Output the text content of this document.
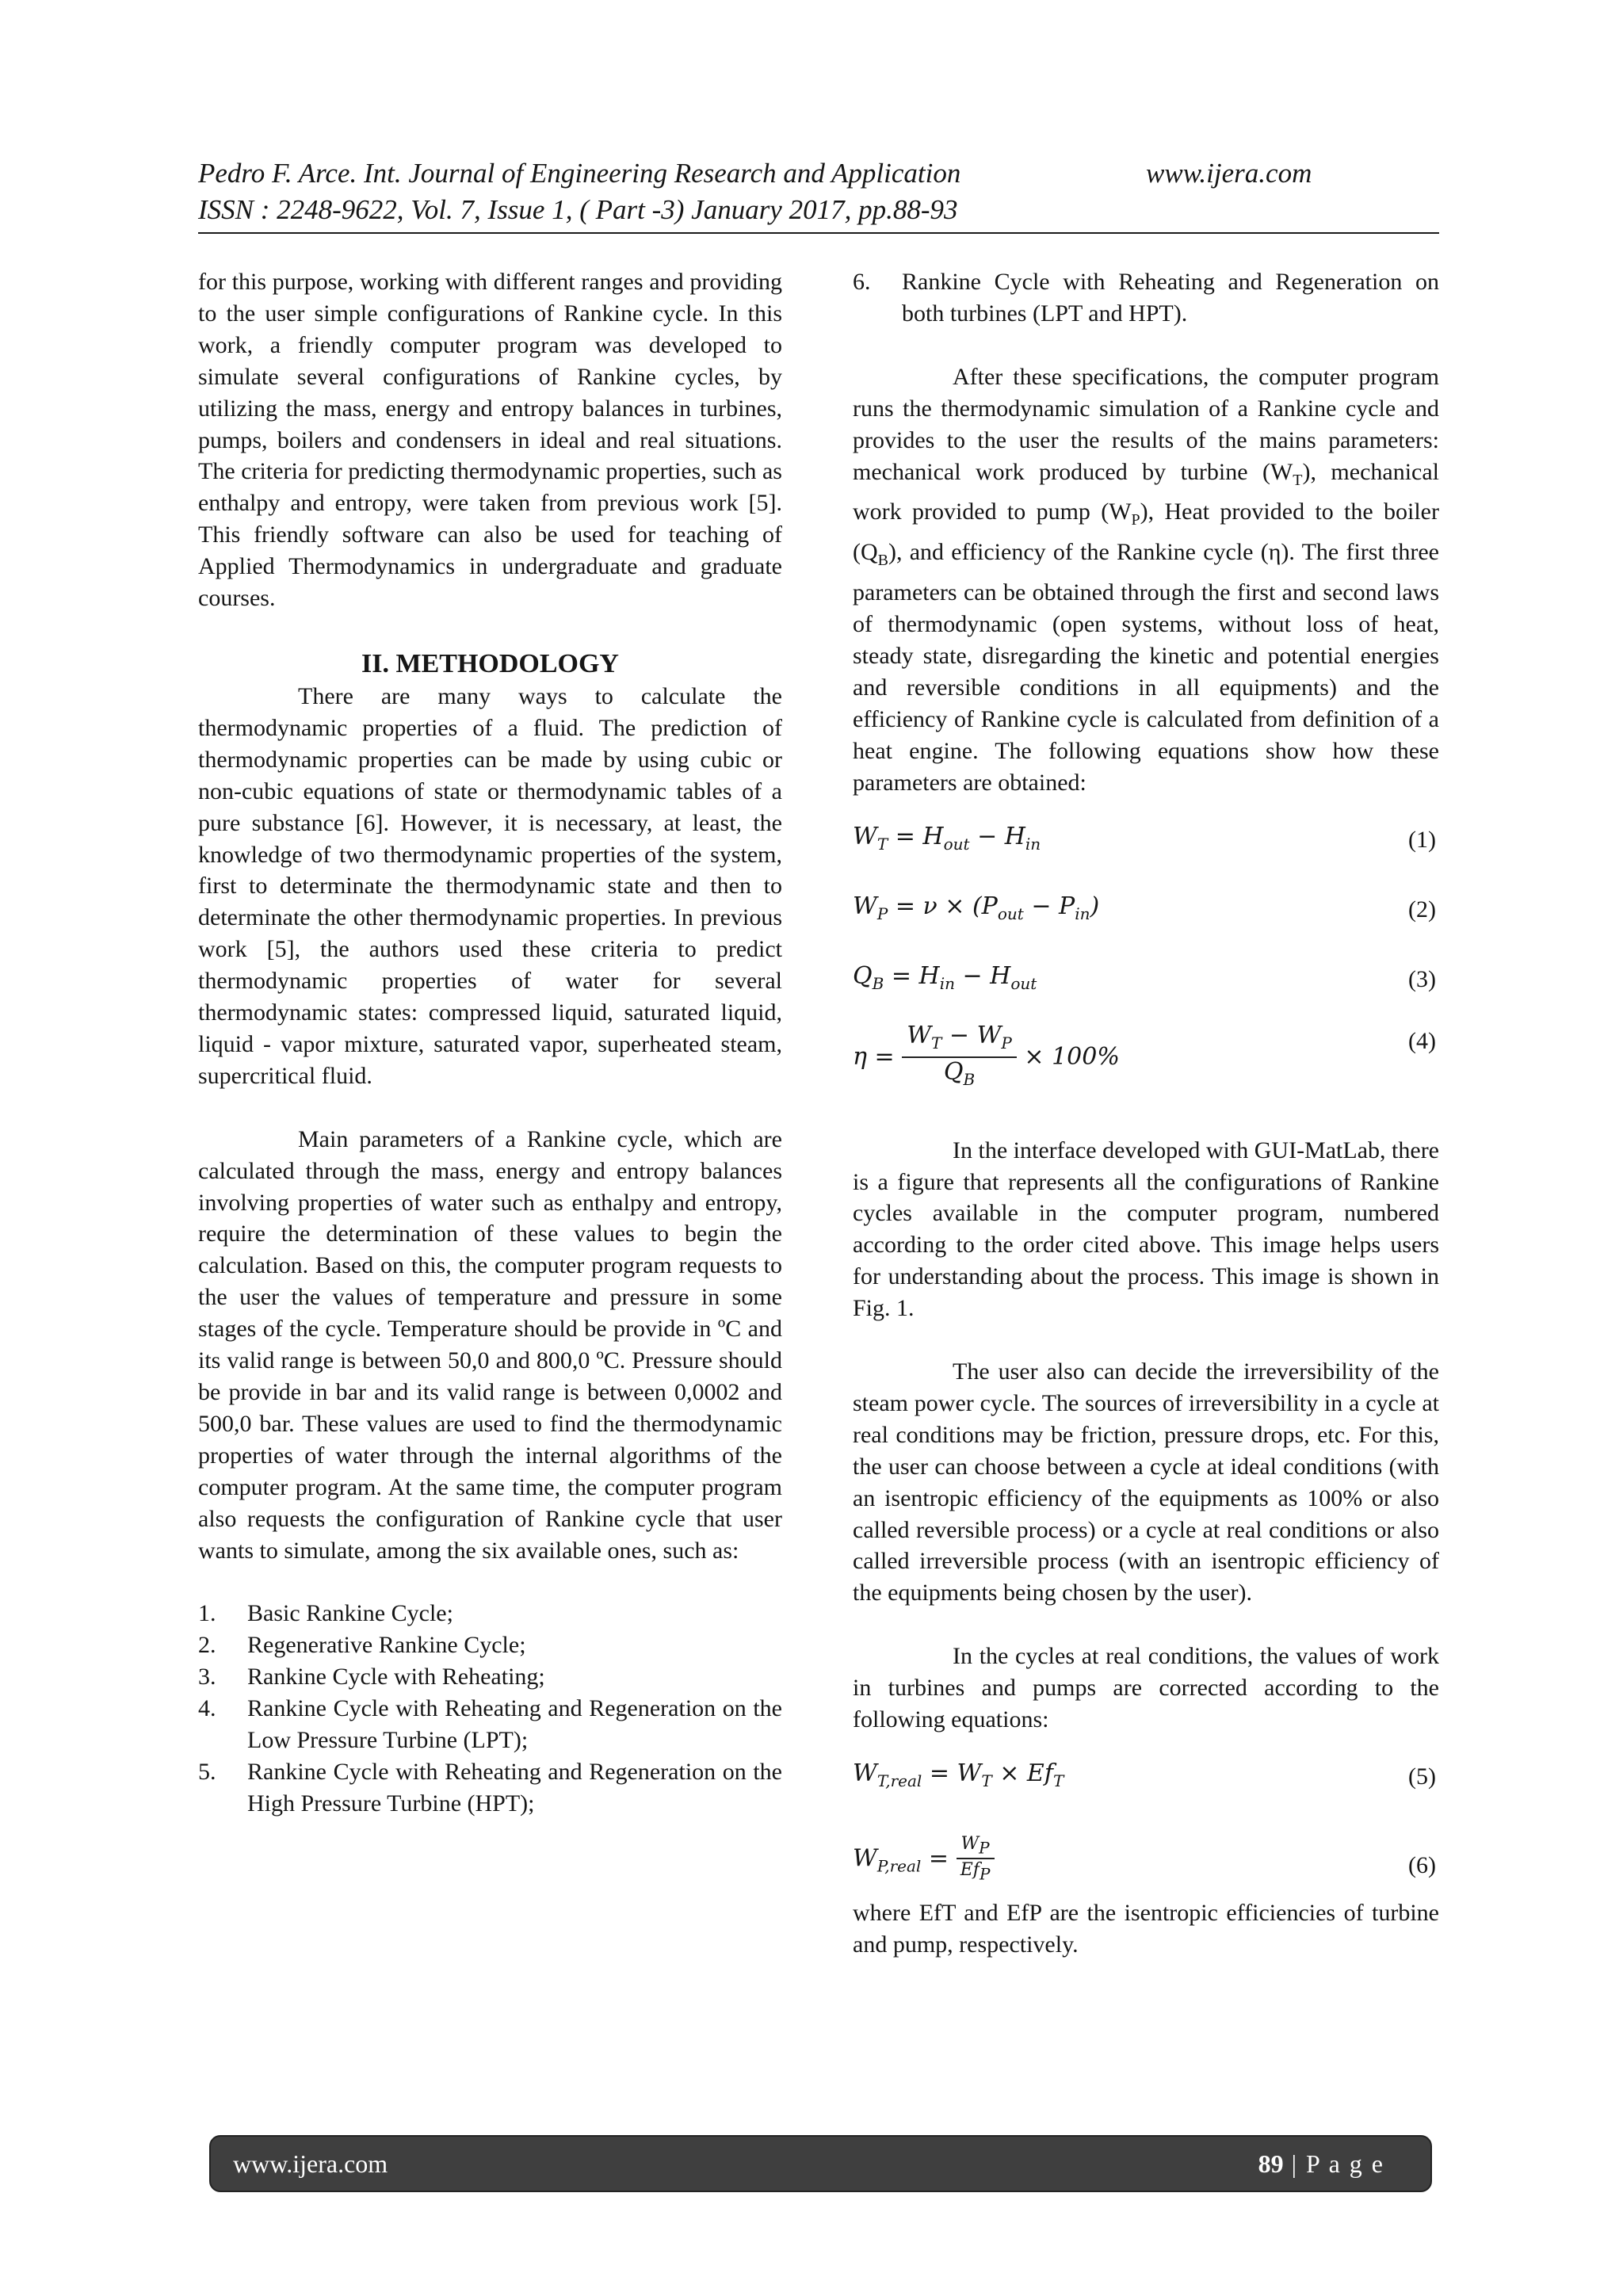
Pedro F. Arce. Int. Journal of Engineering Research and Application	www.ijera.com
ISSN : 2248-9622, Vol. 7, Issue 1, ( Part -3) January 2017, pp.88-93

for this purpose, working with different ranges and providing to the user simple configurations of Rankine cycle. In this work, a friendly computer program was developed to simulate several configurations of Rankine cycles, by utilizing the mass, energy and entropy balances in turbines, pumps, boilers and condensers in ideal and real situations. The criteria for predicting thermodynamic properties, such as enthalpy and entropy, were taken from previous work [5]. This friendly software can also be used for teaching of Applied Thermodynamics in undergraduate and graduate courses.

II. METHODOLOGY

There are many ways to calculate the thermodynamic properties of a fluid. The prediction of thermodynamic properties can be made by using cubic or non-cubic equations of state or thermodynamic tables of a pure substance [6]. However, it is necessary, at least, the knowledge of two thermodynamic properties of the system, first to determinate the thermodynamic state and then to determinate the other thermodynamic properties. In previous work [5], the authors used these criteria to predict thermodynamic properties of water for several thermodynamic states: compressed liquid, saturated liquid, liquid - vapor mixture, saturated vapor, superheated steam, supercritical fluid.

Main parameters of a Rankine cycle, which are calculated through the mass, energy and entropy balances involving properties of water such as enthalpy and entropy, require the determination of these values to begin the calculation. Based on this, the computer program requests to the user the values of temperature and pressure in some stages of the cycle. Temperature should be provide in ºC and its valid range is between 50,0 and 800,0 ºC. Pressure should be provide in bar and its valid range is between 0,0002 and 500,0 bar. These values are used to find the thermodynamic properties of water through the internal algorithms of the computer program. At the same time, the computer program also requests the configuration of Rankine cycle that user wants to simulate, among the six available ones, such as:

1. Basic Rankine Cycle;
2. Regenerative Rankine Cycle;
3. Rankine Cycle with Reheating;
4. Rankine Cycle with Reheating and Regeneration on the Low Pressure Turbine (LPT);
5. Rankine Cycle with Reheating and Regeneration on the High Pressure Turbine (HPT);
6. Rankine Cycle with Reheating and Regeneration on both turbines (LPT and HPT).

After these specifications, the computer program runs the thermodynamic simulation of a Rankine cycle and provides to the user the results of the mains parameters: mechanical work produced by turbine $(W_T)$, mechanical work provided to pump $(W_P)$, Heat provided to the boiler $(Q_B)$, and efficiency of the Rankine cycle (η). The first three parameters can be obtained through the first and second laws of thermodynamic (open systems, without loss of heat, steady state, disregarding the kinetic and potential energies and reversible conditions in all equipments) and the efficiency of Rankine cycle is calculated from definition of a heat engine. The following equations show how these parameters are obtained:

$W_T = H_{out} - H_{in}$	(1)
$W_P = \nu \times (P_{out} - P_{in})$	(2)
$Q_B = H_{in} - H_{out}$	(3)
$\eta = \frac{W_T - W_P}{Q_B} \times 100\%$
(4)

In the interface developed with GUI-MatLab, there is a figure that represents all the configurations of Rankine cycles available in the computer program, numbered according to the order cited above. This image helps users for understanding about the process. This image is shown in Fig. 1.

The user also can decide the irreversibility of the steam power cycle. The sources of irreversibility in a cycle at real conditions may be friction, pressure drops, etc. For this, the user can choose between a cycle at ideal conditions (with an isentropic efficiency of the equipments as 100% or also called reversible process) or a cycle at real conditions or also called irreversible process (with an isentropic efficiency of the equipments being chosen by the user).

In the cycles at real conditions, the values of work in turbines and pumps are corrected according to the following equations:

$W_{T,real} = W_T \times Ef_T$	(5)
$W_{P,real} = \frac{W_P}{Ef_P}$	(6)

where EfT and EfP are the isentropic efficiencies of turbine and pump, respectively.

www.ijera.com	89 | P a g e
